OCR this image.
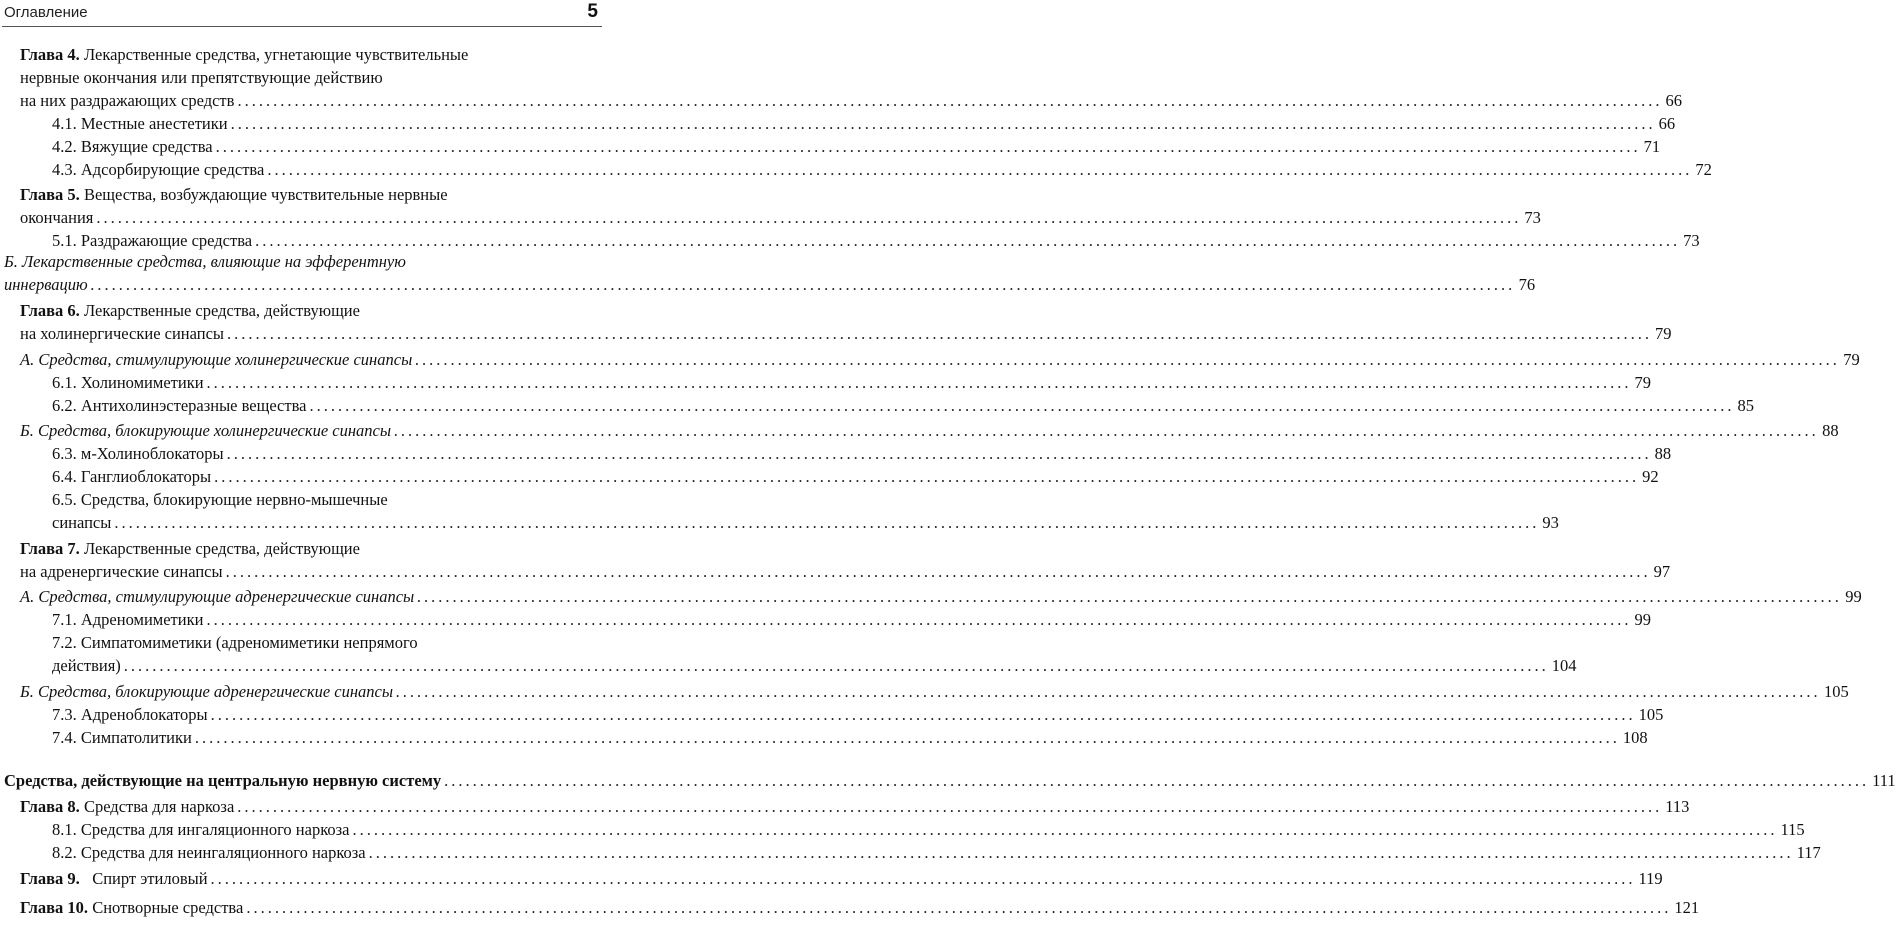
Оглавление	5
Глава 4. Лекарственные средства, угнетающие чувствительные
нервные окончания или препятствующие действию
на них раздражающих средств ........................................................................................................................................................................................................ 66
4.1. Местные анестетики ........................................................................................................................................................................................................ 66
4.2. Вяжущие средства ........................................................................................................................................................................................................ 71
4.3. Адсорбирующие средства ........................................................................................................................................................................................................ 72
Глава 5. Вещества, возбуждающие чувствительные нервные
окончания ........................................................................................................................................................................................................ 73
5.1. Раздражающие средства ........................................................................................................................................................................................................ 73
Б. Лекарственные средства, влияющие на эфферентную
иннервацию ........................................................................................................................................................................................................ 76
Глава 6. Лекарственные средства, действующие
на холинергические синапсы ........................................................................................................................................................................................................ 79
А. Средства, стимулирующие холинергические синапсы ........................................................................................................................................................................................................ 79
6.1. Холиномиметики ........................................................................................................................................................................................................ 79
6.2. Антихолинэстеразные вещества ........................................................................................................................................................................................................ 85
Б. Средства, блокирующие холинергические синапсы ........................................................................................................................................................................................................ 88
6.3. м-Холиноблокаторы ........................................................................................................................................................................................................ 88
6.4. Ганглиоблокаторы ........................................................................................................................................................................................................ 92
6.5. Средства, блокирующие нервно-мышечные
синапсы ........................................................................................................................................................................................................ 93
Глава 7. Лекарственные средства, действующие
на адренергические синапсы ........................................................................................................................................................................................................ 97
А. Средства, стимулирующие адренергические синапсы ........................................................................................................................................................................................................ 99
7.1. Адреномиметики ........................................................................................................................................................................................................ 99
7.2. Симпатомиметики (адреномиметики непрямого
действия) ........................................................................................................................................................................................................ 104
Б. Средства, блокирующие адренергические синапсы ........................................................................................................................................................................................................ 105
7.3. Адреноблокаторы ........................................................................................................................................................................................................ 105
7.4. Симпатолитики ........................................................................................................................................................................................................ 108
Средства, действующие на центральную нервную систему ........................................................................................................................................................................................................ 111
Глава 8. Средства для наркоза ........................................................................................................................................................................................................ 113
8.1. Средства для ингаляционного наркоза ........................................................................................................................................................................................................ 115
8.2. Средства для неингаляционного наркоза ........................................................................................................................................................................................................ 117
Глава 9.   Спирт этиловый ........................................................................................................................................................................................................ 119
Глава 10. Снотворные средства ........................................................................................................................................................................................................ 121
